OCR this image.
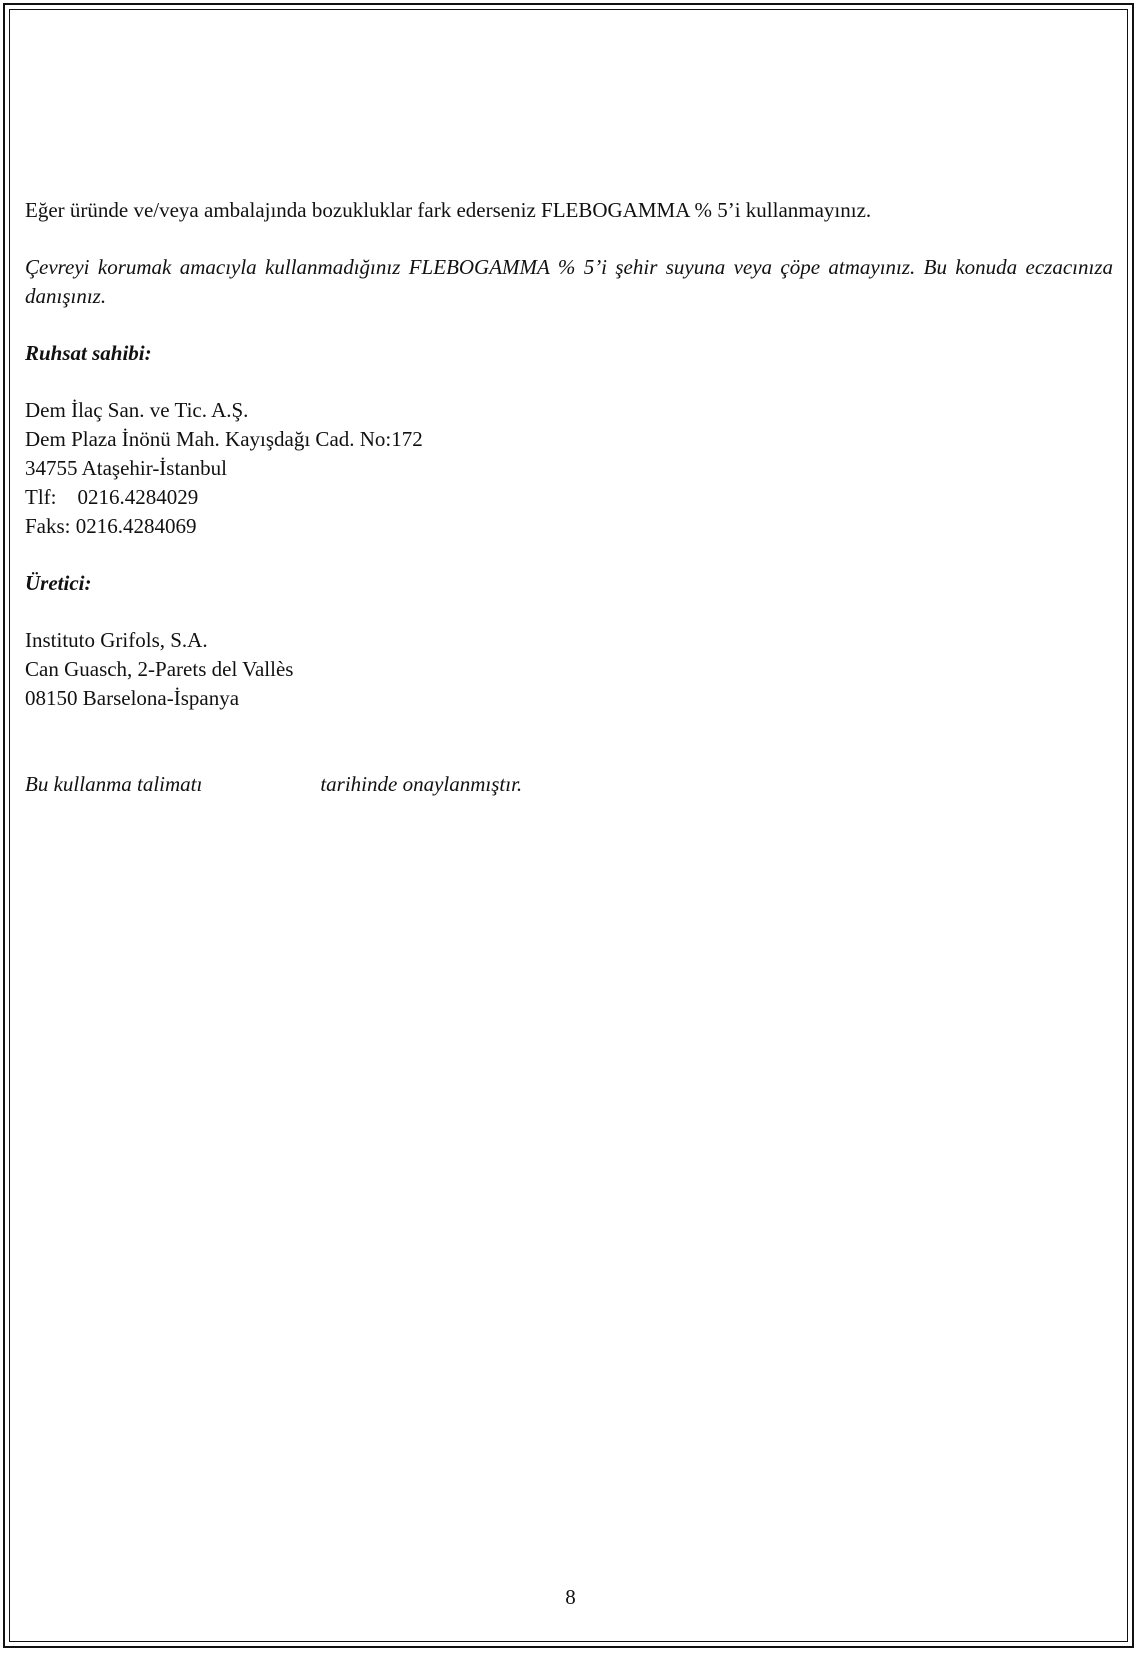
Eğer üründe ve/veya ambalajında bozukluklar fark ederseniz FLEBOGAMMA % 5’i kullanmayınız.

Çevreyi korumak amacıyla kullanmadığınız FLEBOGAMMA % 5’i şehir suyuna veya çöpe atmayınız. Bu konuda eczacınıza danışınız.

Ruhsat sahibi:

Dem İlaç San. ve Tic. A.Ş.
Dem Plaza İnönü Mah. Kayışdağı Cad. No:172
34755 Ataşehir-İstanbul
Tlf:    0216.4284029
Faks: 0216.4284069

Üretici:

Instituto Grifols, S.A.
Can Guasch, 2-Parets del Vallès
08150 Barselona-İspanya

Bu kullanma talimatı	tarihinde onaylanmıştır.

8
